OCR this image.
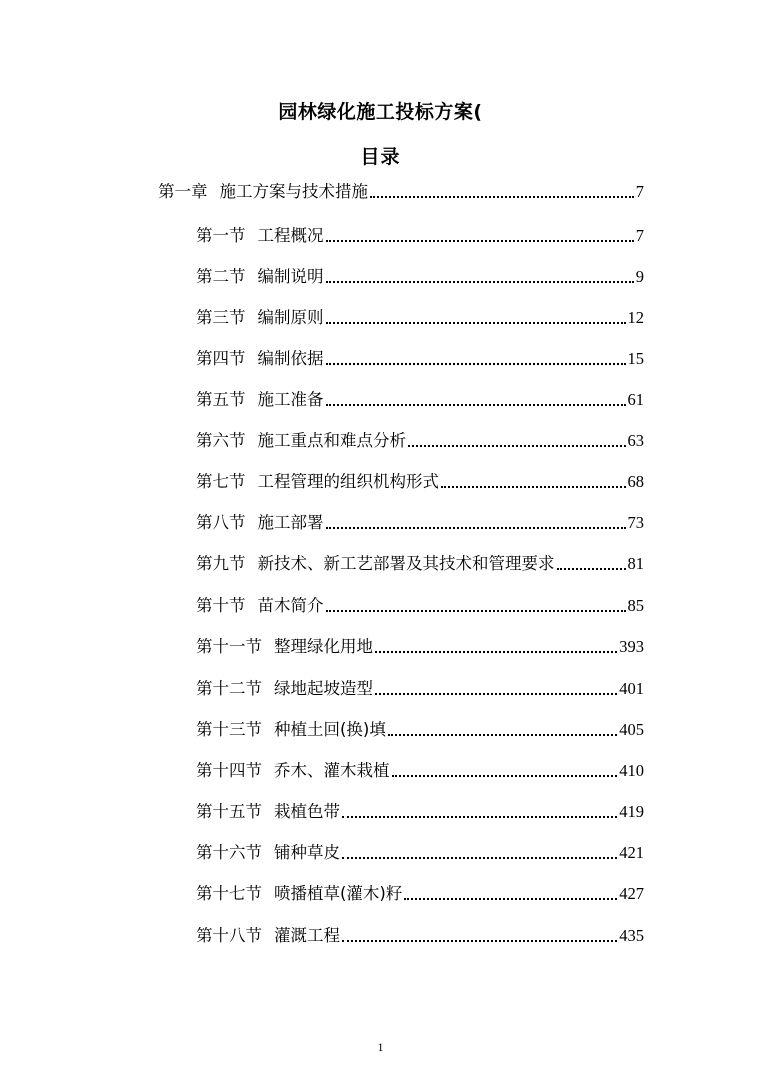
园林绿化施工投标方案(
目录
第一章 施工方案与技术措施	7
第一节 工程概况	7
第二节 编制说明	9
第三节 编制原则	12
第四节 编制依据	15
第五节 施工准备	61
第六节 施工重点和难点分析	63
第七节 工程管理的组织机构形式	68
第八节 施工部署	73
第九节 新技术、新工艺部署及其技术和管理要求	81
第十节 苗木简介	85
第十一节 整理绿化用地	393
第十二节 绿地起坡造型	401
第十三节 种植土回(换)填	405
第十四节 乔木、灌木栽植	410
第十五节 栽植色带	419
第十六节 铺种草皮	421
第十七节 喷播植草(灌木)籽	427
第十八节 灌溉工程	435
1
